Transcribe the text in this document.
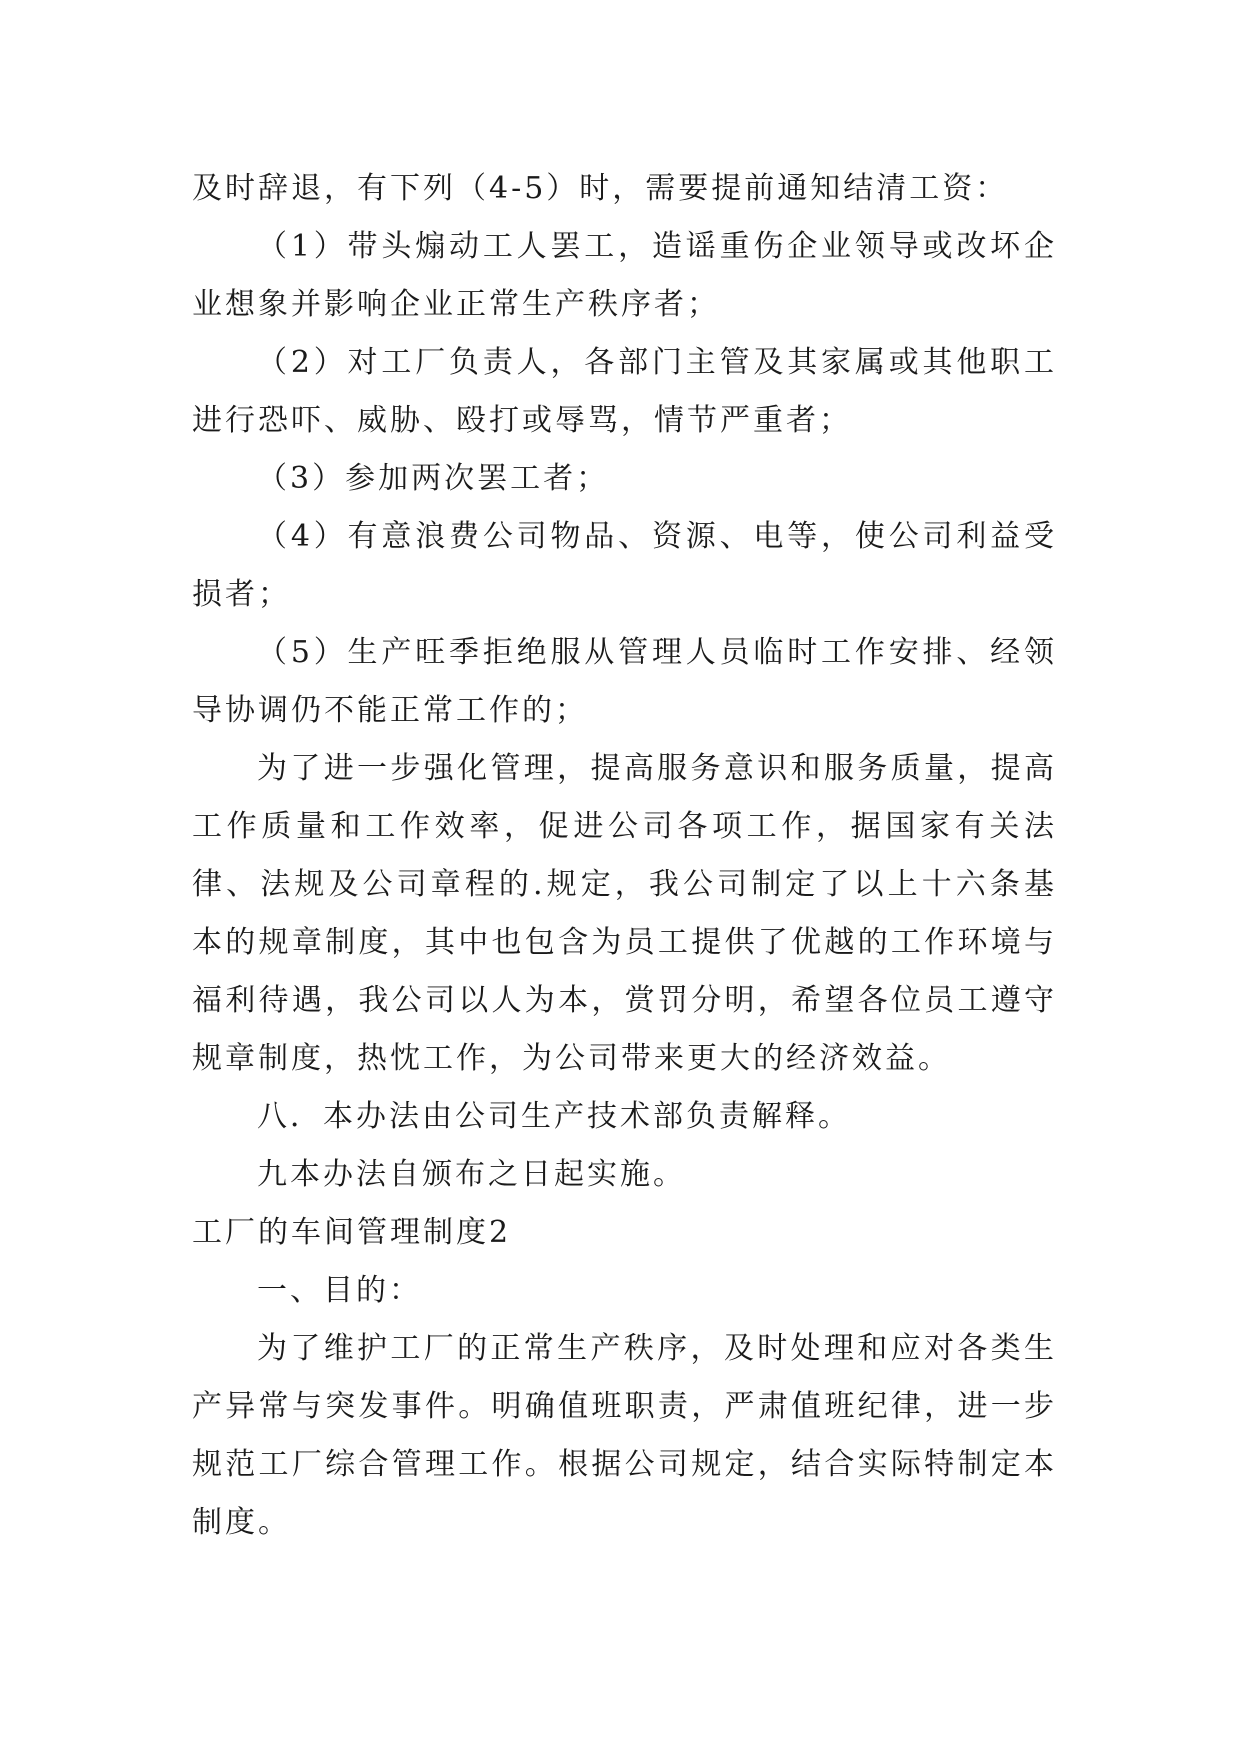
及时辞退，有下列（4-5）时，需要提前通知结清工资：

（1）带头煽动工人罢工，造谣重伤企业领导或改坏企业想象并影响企业正常生产秩序者；

（2）对工厂负责人，各部门主管及其家属或其他职工进行恐吓、威胁、殴打或辱骂，情节严重者；

（3）参加两次罢工者；

（4）有意浪费公司物品、资源、电等，使公司利益受损者；

（5）生产旺季拒绝服从管理人员临时工作安排、经领导协调仍不能正常工作的；

为了进一步强化管理，提高服务意识和服务质量，提高工作质量和工作效率，促进公司各项工作，据国家有关法律、法规及公司章程的.规定，我公司制定了以上十六条基本的规章制度，其中也包含为员工提供了优越的工作环境与福利待遇，我公司以人为本，赏罚分明，希望各位员工遵守规章制度，热忱工作，为公司带来更大的经济效益。

八．本办法由公司生产技术部负责解释。

九本办法自颁布之日起实施。

工厂的车间管理制度2

一、目的：

为了维护工厂的正常生产秩序，及时处理和应对各类生产异常与突发事件。明确值班职责，严肃值班纪律，进一步规范工厂综合管理工作。根据公司规定，结合实际特制定本制度。
